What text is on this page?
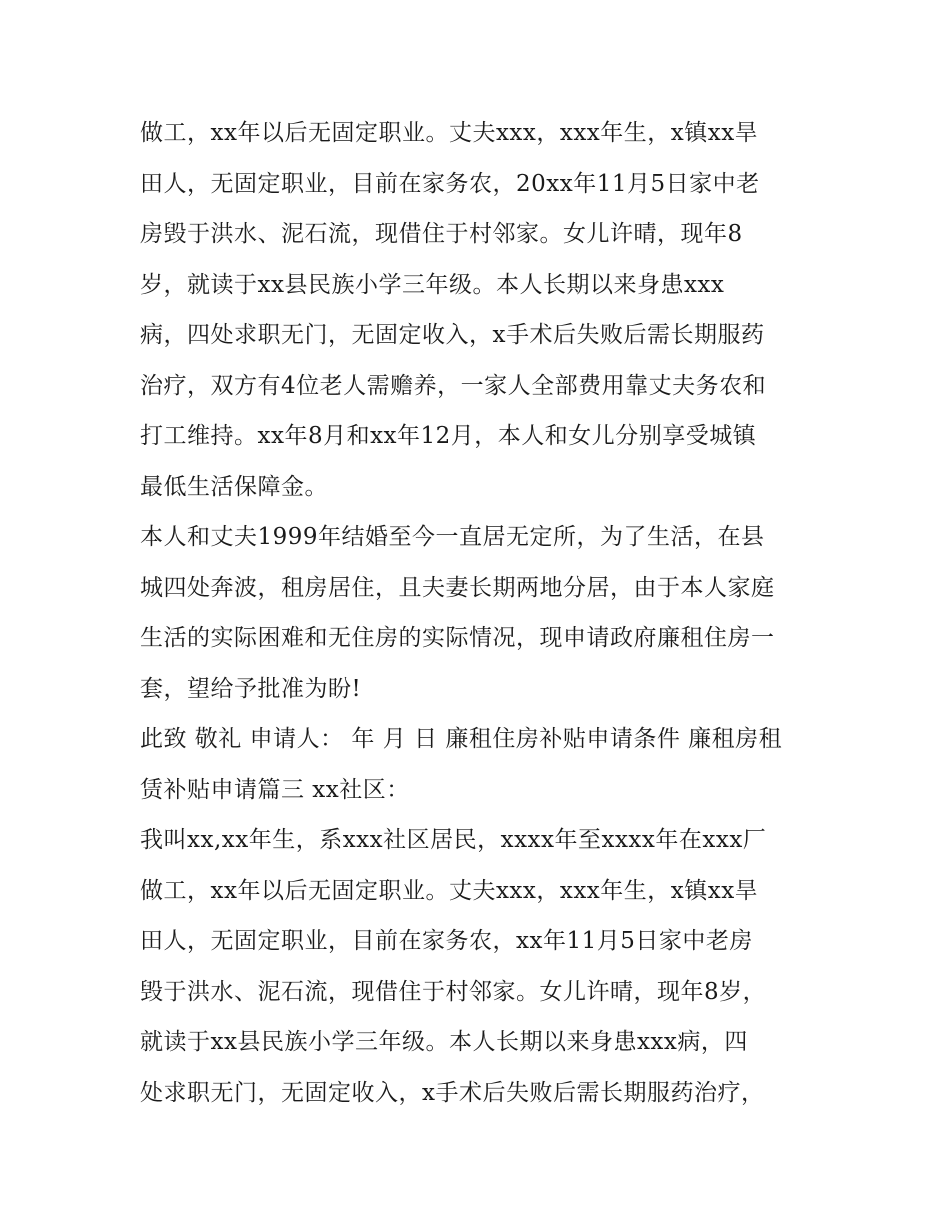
做工，xx年以后无固定职业。丈夫xxx，xxx年生，x镇xx旱
田人，无固定职业，目前在家务农，20xx年11月5日家中老
房毁于洪水、泥石流，现借住于村邻家。女儿许晴，现年8
岁，就读于xx县民族小学三年级。本人长期以来身患xxx
病，四处求职无门，无固定收入，x手术后失败后需长期服药
治疗，双方有4位老人需赡养，一家人全部费用靠丈夫务农和
打工维持。xx年8月和xx年12月，本人和女儿分别享受城镇
最低生活保障金。
本人和丈夫1999年结婚至今一直居无定所，为了生活，在县
城四处奔波，租房居住，且夫妻长期两地分居，由于本人家庭
生活的实际困难和无住房的实际情况，现申请政府廉租住房一
套，望给予批准为盼!
此致 敬礼 申请人： 年 月 日 廉租住房补贴申请条件 廉租房租
赁补贴申请篇三 xx社区：
我叫xx,xx年生，系xxx社区居民，xxxx年至xxxx年在xxx厂
做工，xx年以后无固定职业。丈夫xxx，xxx年生，x镇xx旱
田人，无固定职业，目前在家务农，xx年11月5日家中老房
毁于洪水、泥石流，现借住于村邻家。女儿许晴，现年8岁，
就读于xx县民族小学三年级。本人长期以来身患xxx病，四
处求职无门，无固定收入，x手术后失败后需长期服药治疗，
